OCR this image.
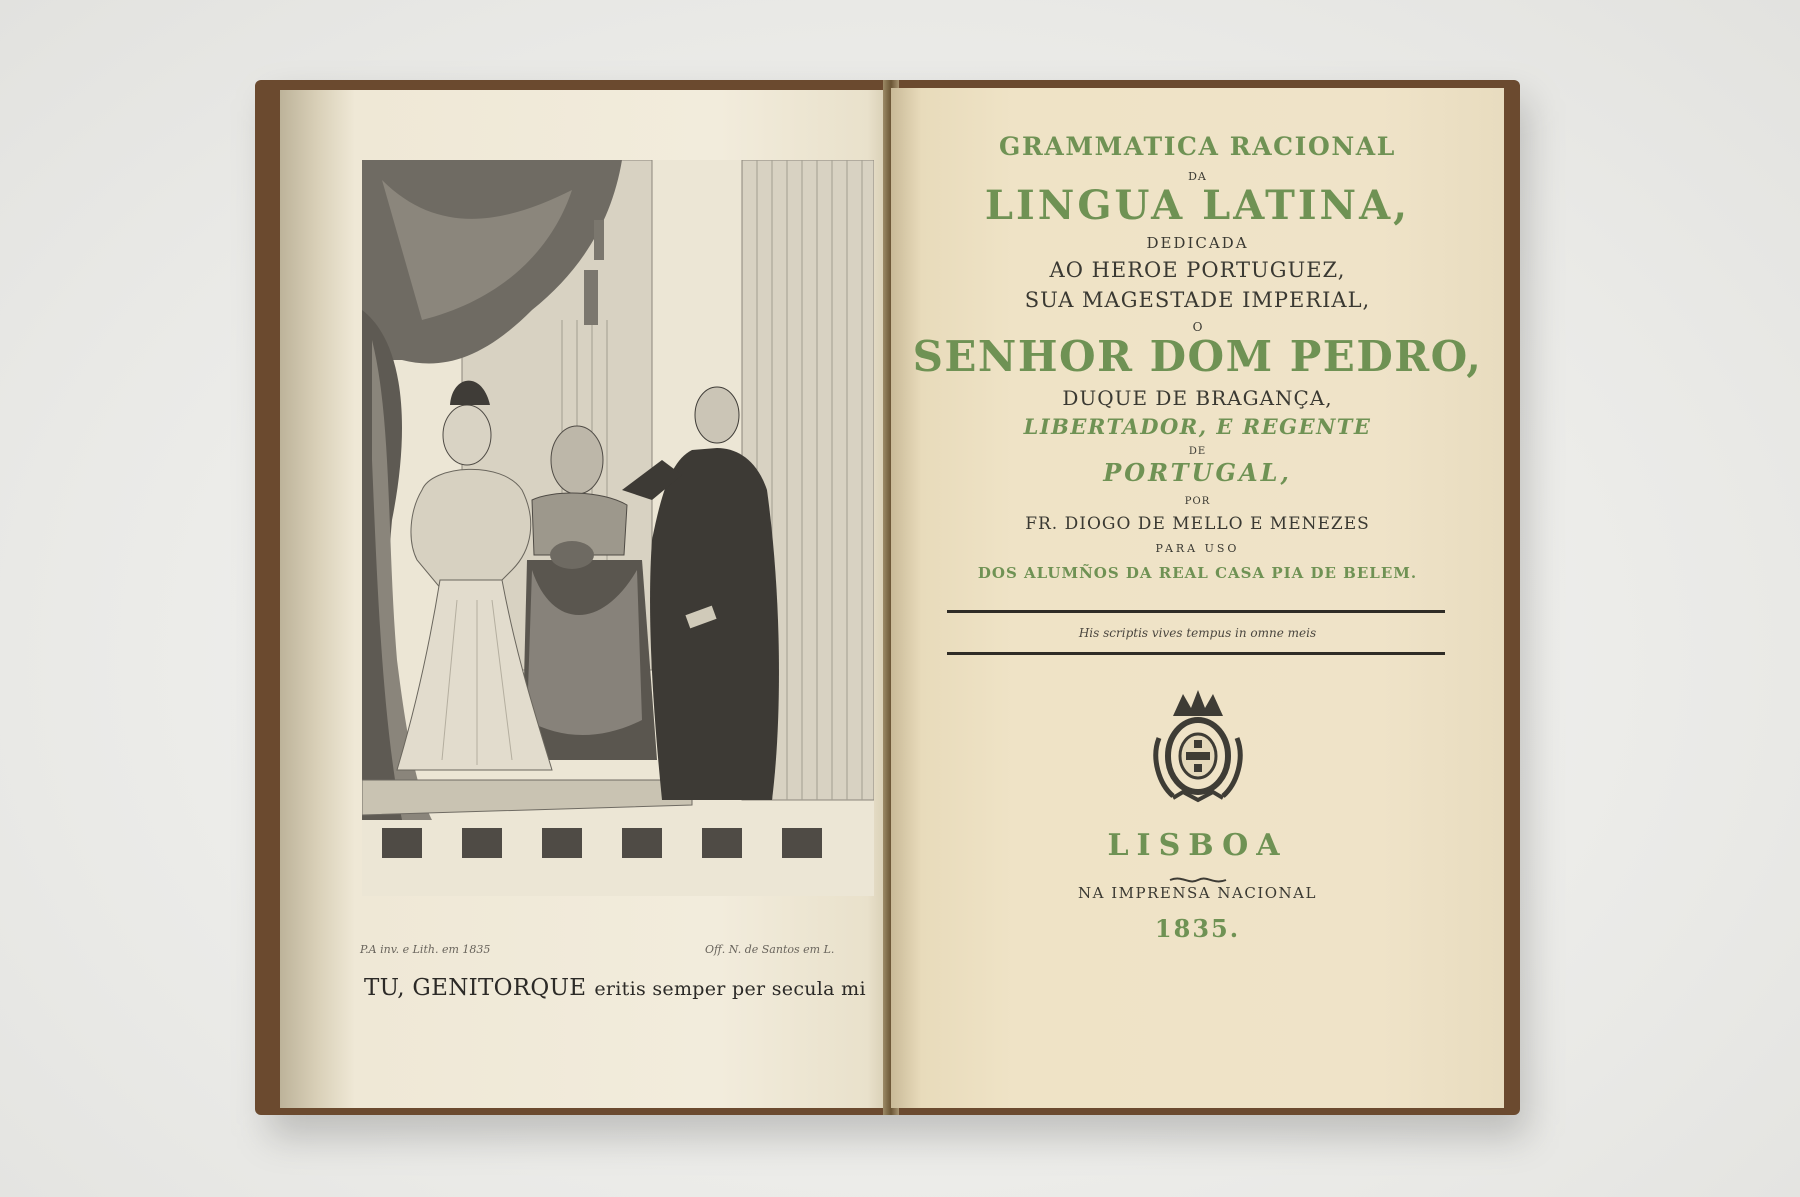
P.A inv. e Lith. em 1835	Off. N. de Santos em L.
TU, GENITORQUE eritis semper per secula mi
GRAMMATICA RACIONAL
DA
LINGUA LATINA,
DEDICADA
AO HEROE PORTUGUEZ,
SUA MAGESTADE IMPERIAL,
O
SENHOR DOM PEDRO,
DUQUE DE BRAGANÇA,
LIBERTADOR, E REGENTE
DE
PORTUGAL,
POR
FR. DIOGO DE MELLO E MENEZES
PARA USO
DOS ALUMÑOS DA REAL CASA PIA DE BELEM.
His scriptis vives tempus in omne meis
LISBOA
NA IMPRENSA NACIONAL
1835.
